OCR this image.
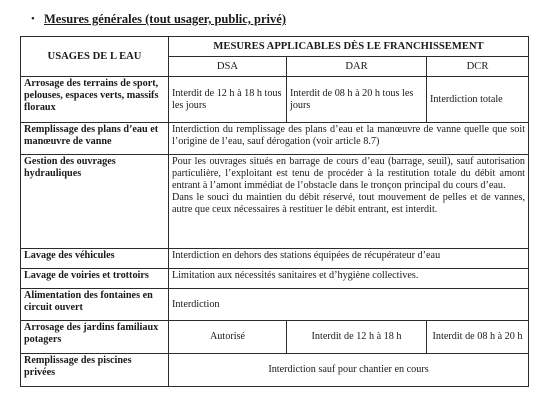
• Mesures générales (tout usager, public, privé)
USAGES DE L EAU	MESURES APPLICABLES DÈS LE FRANCHISSEMENT		
	DSA	DAR	DCR
Arrosage des terrains de sport, pelouses, espaces verts, massifs floraux	Interdit de 12 h à 18 h tous les jours	Interdit de 08 h à 20 h tous les jours	Interdiction totale
Remplissage des plans d’eau et manœuvre de vanne	Interdiction du remplissage des plans d’eau et la manœuvre de vanne quelle que soit l’origine de l’eau, sauf dérogation (voir article 8.7)		
Gestion des ouvrages hydrauliques	Pour les ouvrages situés en barrage de cours d’eau (barrage, seuil), sauf autorisation particulière, l’exploitant est tenu de procéder à la restitution totale du débit amont entrant à l’amont immédiat de l’obstacle dans le tronçon principal du cours d’eau.
Dans le souci du maintien du débit réservé, tout mouvement de pelles et de vannes, autre que ceux nécessaires à restituer le débit entrant, est interdit.		

Lavage des véhicules	Interdiction en dehors des stations équipées de récupérateur d’eau		
Lavage de voiries et trottoirs	Limitation aux nécessités sanitaires et d’hygiène collectives.		
Alimentation des fontaines en circuit ouvert	Interdiction		
Arrosage des jardins familiaux potagers	Autorisé	Interdit de 12 h à 18 h	Interdit de 08 h à 20 h
Remplissage des piscines privées	Interdiction sauf pour chantier en cours		
